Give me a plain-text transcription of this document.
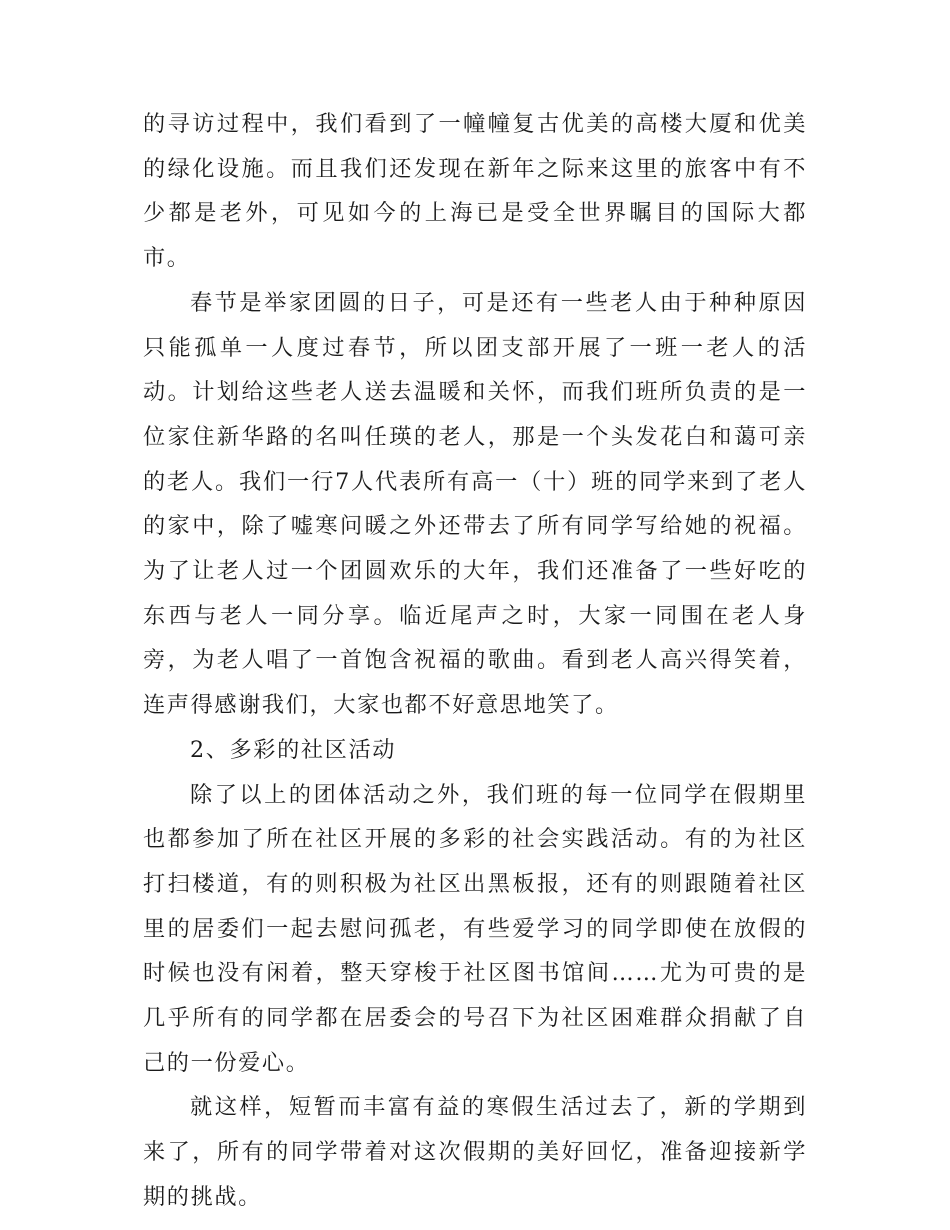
的寻访过程中，我们看到了一幢幢复古优美的高楼大厦和优美的绿化设施。而且我们还发现在新年之际来这里的旅客中有不少都是老外，可见如今的上海已是受全世界瞩目的国际大都市。

春节是举家团圆的日子，可是还有一些老人由于种种原因只能孤单一人度过春节，所以团支部开展了一班一老人的活动。计划给这些老人送去温暖和关怀，而我们班所负责的是一位家住新华路的名叫任瑛的老人，那是一个头发花白和蔼可亲的老人。我们一行7人代表所有高一（十）班的同学来到了老人的家中，除了嘘寒问暖之外还带去了所有同学写给她的祝福。为了让老人过一个团圆欢乐的大年，我们还准备了一些好吃的东西与老人一同分享。临近尾声之时，大家一同围在老人身旁，为老人唱了一首饱含祝福的歌曲。看到老人高兴得笑着，连声得感谢我们，大家也都不好意思地笑了。

2、多彩的社区活动

除了以上的团体活动之外，我们班的每一位同学在假期里也都参加了所在社区开展的多彩的社会实践活动。有的为社区打扫楼道，有的则积极为社区出黑板报，还有的则跟随着社区里的居委们一起去慰问孤老，有些爱学习的同学即使在放假的时候也没有闲着，整天穿梭于社区图书馆间……尤为可贵的是几乎所有的同学都在居委会的号召下为社区困难群众捐献了自己的一份爱心。

就这样，短暂而丰富有益的寒假生活过去了，新的学期到来了，所有的同学带着对这次假期的美好回忆，准备迎接新学期的挑战。
